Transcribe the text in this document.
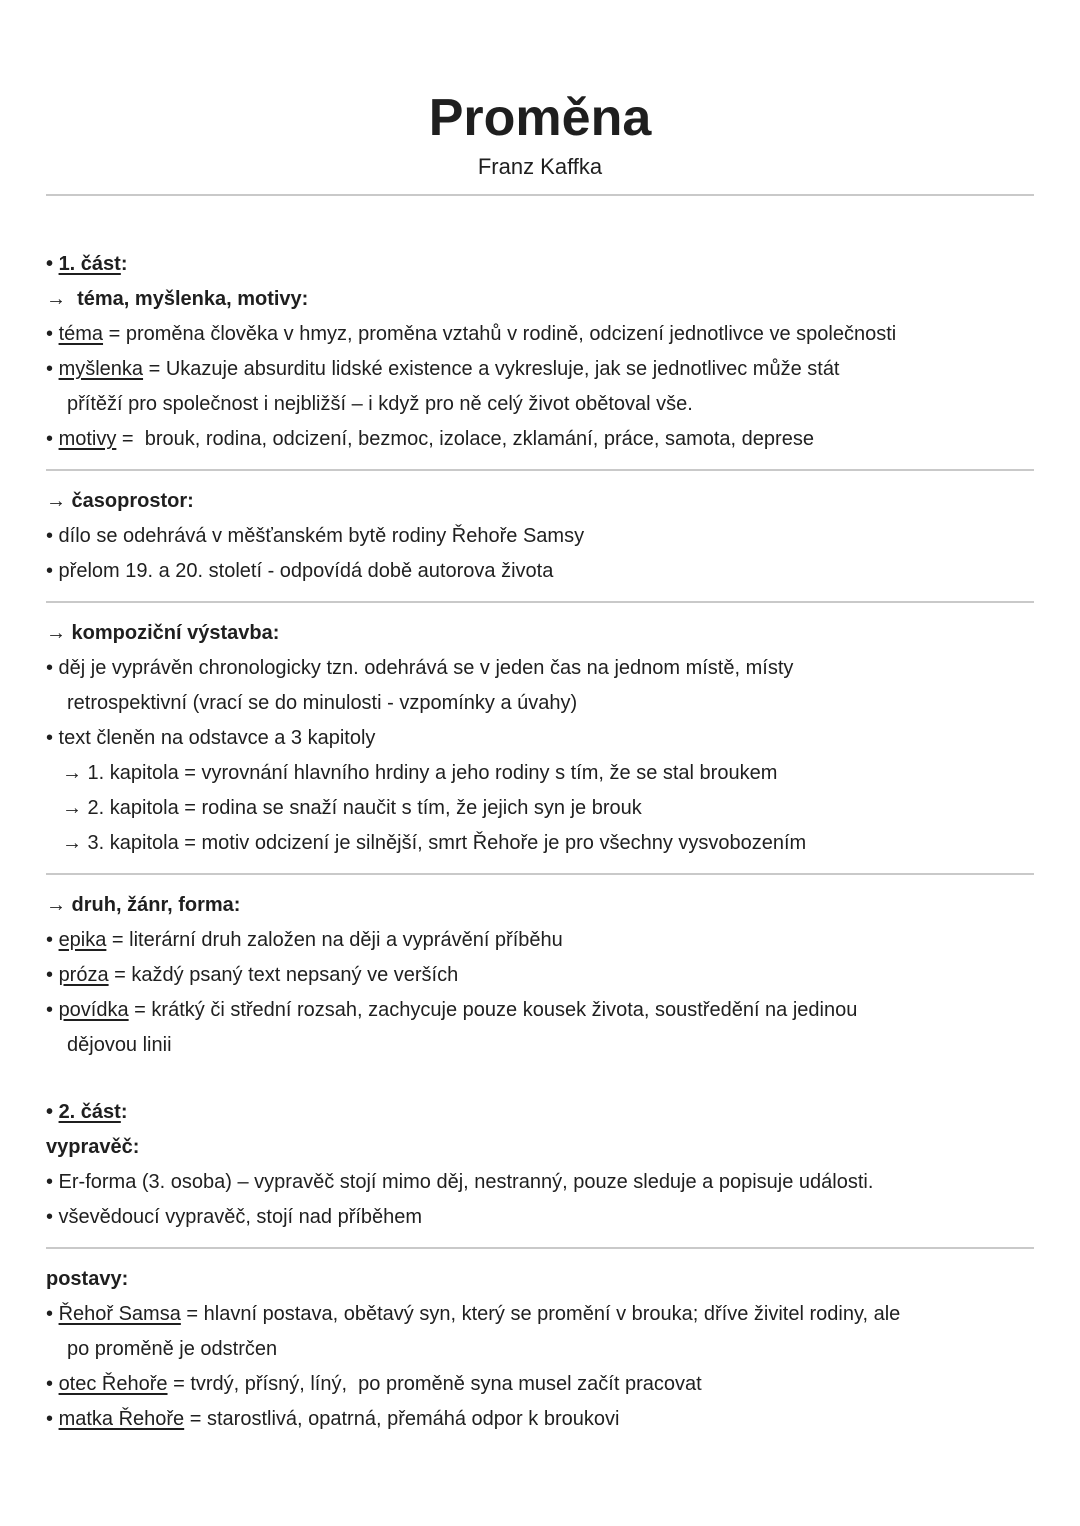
Proměna
Franz Kaffka
• 1. část:
→  téma, myšlenka, motivy:
• téma = proměna člověka v hmyz, proměna vztahů v rodině, odcizení jednotlivce ve společnosti
• myšlenka = Ukazuje absurditu lidské existence a vykresluje, jak se jednotlivec může stát
přítěží pro společnost i nejbližší – i když pro ně celý život obětoval vše.
• motivy =  brouk, rodina, odcizení, bezmoc, izolace, zklamání, práce, samota, deprese
→ časoprostor:
• dílo se odehrává v měšťanském bytě rodiny Řehoře Samsy
• přelom 19. a 20. století - odpovídá době autorova života
→ kompoziční výstavba:
• děj je vyprávěn chronologicky tzn. odehrává se v jeden čas na jednom místě, místy
retrospektivní (vrací se do minulosti - vzpomínky a úvahy)
• text členěn na odstavce a 3 kapitoly
→ 1. kapitola = vyrovnání hlavního hrdiny a jeho rodiny s tím, že se stal broukem
→ 2. kapitola = rodina se snaží naučit s tím, že jejich syn je brouk
→ 3. kapitola = motiv odcizení je silnější, smrt Řehoře je pro všechny vysvobozením
→ druh, žánr, forma:
• epika = literární druh založen na ději a vyprávění příběhu
• próza = každý psaný text nepsaný ve verších
• povídka = krátký či střední rozsah, zachycuje pouze kousek života, soustředění na jedinou
dějovou linii
• 2. část:
vypravěč:
• Er-forma (3. osoba) – vypravěč stojí mimo děj, nestranný, pouze sleduje a popisuje události.
• vševědoucí vypravěč, stojí nad příběhem
postavy:
• Řehoř Samsa = hlavní postava, obětavý syn, který se promění v brouka; dříve živitel rodiny, ale
po proměně je odstrčen
• otec Řehoře = tvrdý, přísný, líný,  po proměně syna musel začít pracovat
• matka Řehoře = starostlivá, opatrná, přemáhá odpor k broukovi
